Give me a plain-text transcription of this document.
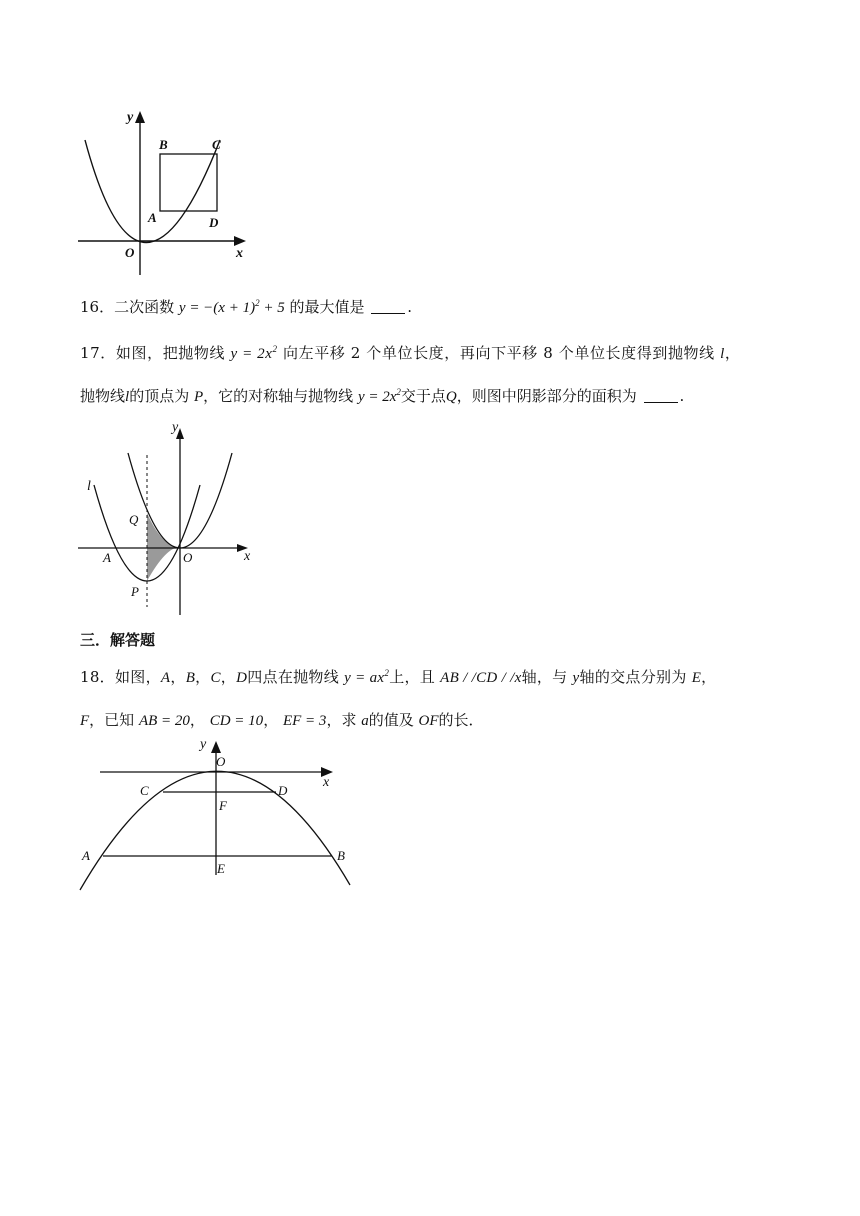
y
x
O
A
B	C
D
16．二次函数 $y = -(x + 1)^2 + 5$ 的最大值是	.
17．如图，把抛物线 $y = 2x^2$ 向左平移 2 个单位长度，再向下平移 8 个单位长度得到抛物线 l，
抛物线l的顶点为 P，它的对称轴与抛物线 $y = 2x^2$交于点Q，则图中阴影部分的面积为	.
y
x
l
Q
A	O
P
三．解答题
18．如图，A，B，C，D四点在抛物线 $y = ax^2$上，且 AB / /CD / /x轴，与 y轴的交点分别为 E，
F，已知 AB = 20， CD = 10， EF = 3，求 a的值及 OF的长．
y
x
O
C	D
F
A	B
E
